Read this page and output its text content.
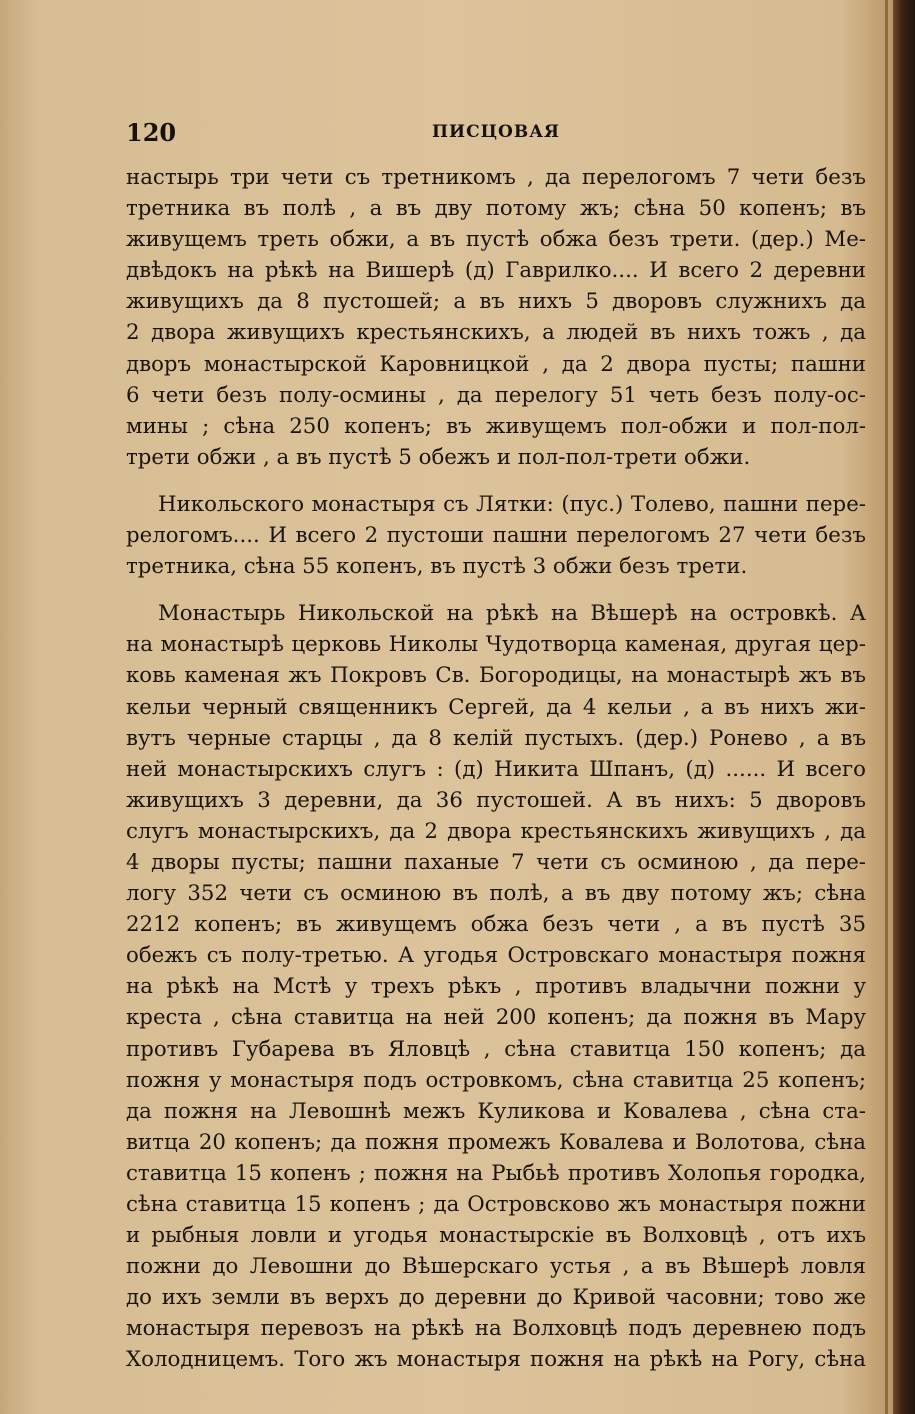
120	ПИСЦОВАЯ
настырь три чети съ третникомъ , да перелогомъ 7 чети безъ
третника въ полѣ , а въ дву потому жъ; сѣна 50 копенъ; въ
живущемъ треть обжи, а въ пустѣ обжа безъ трети. (дер.) Ме-
двѣдокъ на рѣкѣ на Вишерѣ (д) Гаврилко.... И всего 2 деревни
живущихъ да 8 пустошей; а въ нихъ 5 дворовъ служнихъ да
2 двора живущихъ крестьянскихъ, а людей въ нихъ тожъ , да
дворъ монастырской Каровницкой , да 2 двора пусты; пашни
6 чети безъ полу-осмины , да перелогу 51 четь безъ полу-ос-
мины ; сѣна 250 копенъ; въ живущемъ пол-обжи и пол-пол-
трети обжи , а въ пустѣ 5 обежъ и пол-пол-трети обжи.
Никольского монастыря съ Лятки: (пус.) Толево, пашни пере-
релогомъ.... И всего 2 пустоши пашни перелогомъ 27 чети безъ
третника, сѣна 55 копенъ, въ пустѣ 3 обжи безъ трети.
Монастырь Никольской на рѣкѣ на Вѣшерѣ на островкѣ. А
на монастырѣ церковь Николы Чудотворца каменая, другая цер-
ковь каменая жъ Покровъ Св. Богородицы, на монастырѣ жъ въ
кельи черный священникъ Сергей, да 4 кельи , а въ нихъ жи-
вутъ черные старцы , да 8 келій пустыхъ. (дер.) Ронево , а въ
ней монастырскихъ слугъ : (д) Никита Шпанъ, (д) ...... И всего
живущихъ 3 деревни, да 36 пустошей. А въ нихъ: 5 дворовъ
слугъ монастырскихъ, да 2 двора крестьянскихъ живущихъ , да
4 дворы пусты; пашни паханые 7 чети съ осминою , да пере-
логу 352 чети съ осминою въ полѣ, а въ дву потому жъ; сѣна
2212 копенъ; въ живущемъ обжа безъ чети , а въ пустѣ 35
обежъ съ полу-третью. А угодья Островскаго монастыря пожня
на рѣкѣ на Мстѣ у трехъ рѣкъ , противъ владычни пожни у
креста , сѣна ставитца на ней 200 копенъ; да пожня въ Мару
противъ Губарева въ Яловцѣ , сѣна ставитца 150 копенъ; да
пожня у монастыря подъ островкомъ, сѣна ставитца 25 копенъ;
да пожня на Левошнѣ межъ Куликова и Ковалева , сѣна ста-
витца 20 копенъ; да пожня промежъ Ковалева и Волотова, сѣна
ставитца 15 копенъ ; пожня на Рыбьѣ противъ Холопья городка,
сѣна ставитца 15 копенъ ; да Островсково жъ монастыря пожни
и рыбныя ловли и угодья монастырскіе въ Волховцѣ , отъ ихъ
пожни до Левошни до Вѣшерскаго устья , а въ Вѣшерѣ ловля
до ихъ земли въ верхъ до деревни до Кривой часовни; тово же
монастыря перевозъ на рѣкѣ на Волховцѣ подъ деревнею подъ
Холодницемъ. Того жъ монастыря пожня на рѣкѣ на Рогу, сѣна
